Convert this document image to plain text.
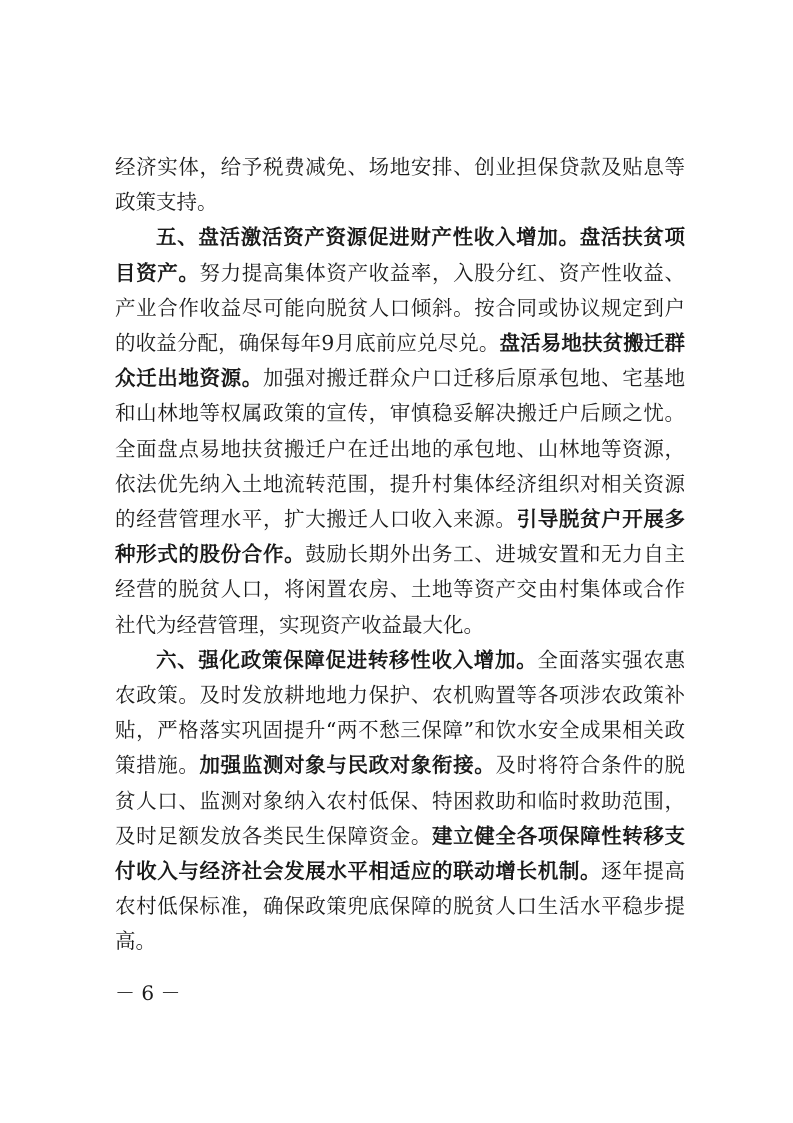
经济实体，给予税费减免、场地安排、创业担保贷款及贴息等政策支持。

五、盘活激活资产资源促进财产性收入增加。盘活扶贫项目资产。努力提高集体资产收益率，入股分红、资产性收益、产业合作收益尽可能向脱贫人口倾斜。按合同或协议规定到户的收益分配，确保每年9月底前应兑尽兑。盘活易地扶贫搬迁群众迁出地资源。加强对搬迁群众户口迁移后原承包地、宅基地和山林地等权属政策的宣传，审慎稳妥解决搬迁户后顾之忧。全面盘点易地扶贫搬迁户在迁出地的承包地、山林地等资源，依法优先纳入土地流转范围，提升村集体经济组织对相关资源的经营管理水平，扩大搬迁人口收入来源。引导脱贫户开展多种形式的股份合作。鼓励长期外出务工、进城安置和无力自主经营的脱贫人口，将闲置农房、土地等资产交由村集体或合作社代为经营管理，实现资产收益最大化。

六、强化政策保障促进转移性收入增加。全面落实强农惠农政策。及时发放耕地地力保护、农机购置等各项涉农政策补贴，严格落实巩固提升“两不愁三保障”和饮水安全成果相关政策措施。加强监测对象与民政对象衔接。及时将符合条件的脱贫人口、监测对象纳入农村低保、特困救助和临时救助范围，及时足额发放各类民生保障资金。建立健全各项保障性转移支付收入与经济社会发展水平相适应的联动增长机制。逐年提高农村低保标准，确保政策兜底保障的脱贫人口生活水平稳步提高。

－ 6 －
